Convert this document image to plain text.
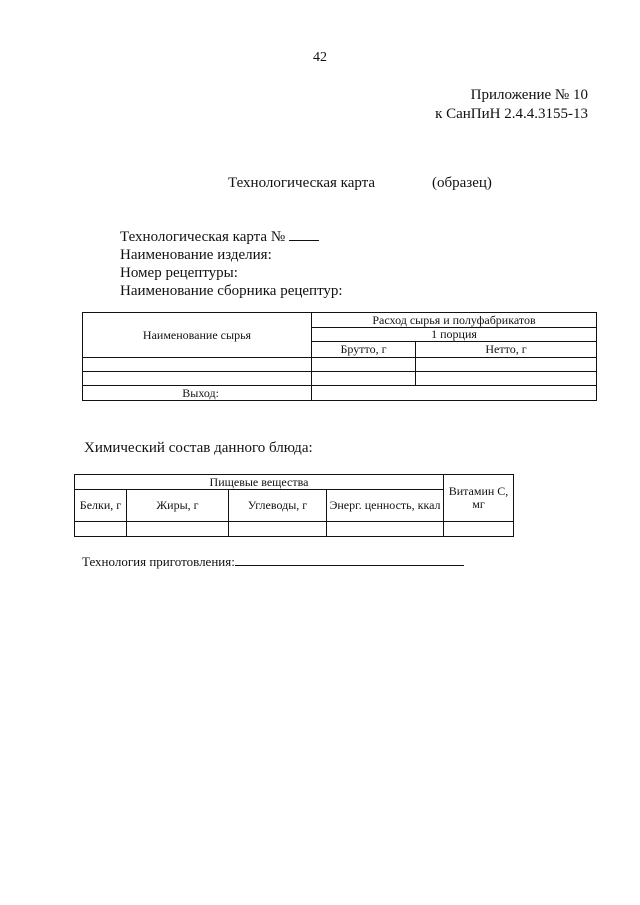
42
Приложение № 10
к СанПиН 2.4.4.3155-13
Технологическая карта	(образец)
Технологическая карта №
Наименование изделия:
Номер рецептуры:
Наименование сборника рецептур:
Наименование сырья	Расход сырья и полуфабрикатов	
	1 порция	
	Брутто, г	Нетто, г

Выход:		
Химический состав данного блюда:
Пищевые вещества				Витамин С, мг
Белки, г	Жиры, г	Углеводы, г	Энерг. ценность, ккал	

Технология приготовления:
